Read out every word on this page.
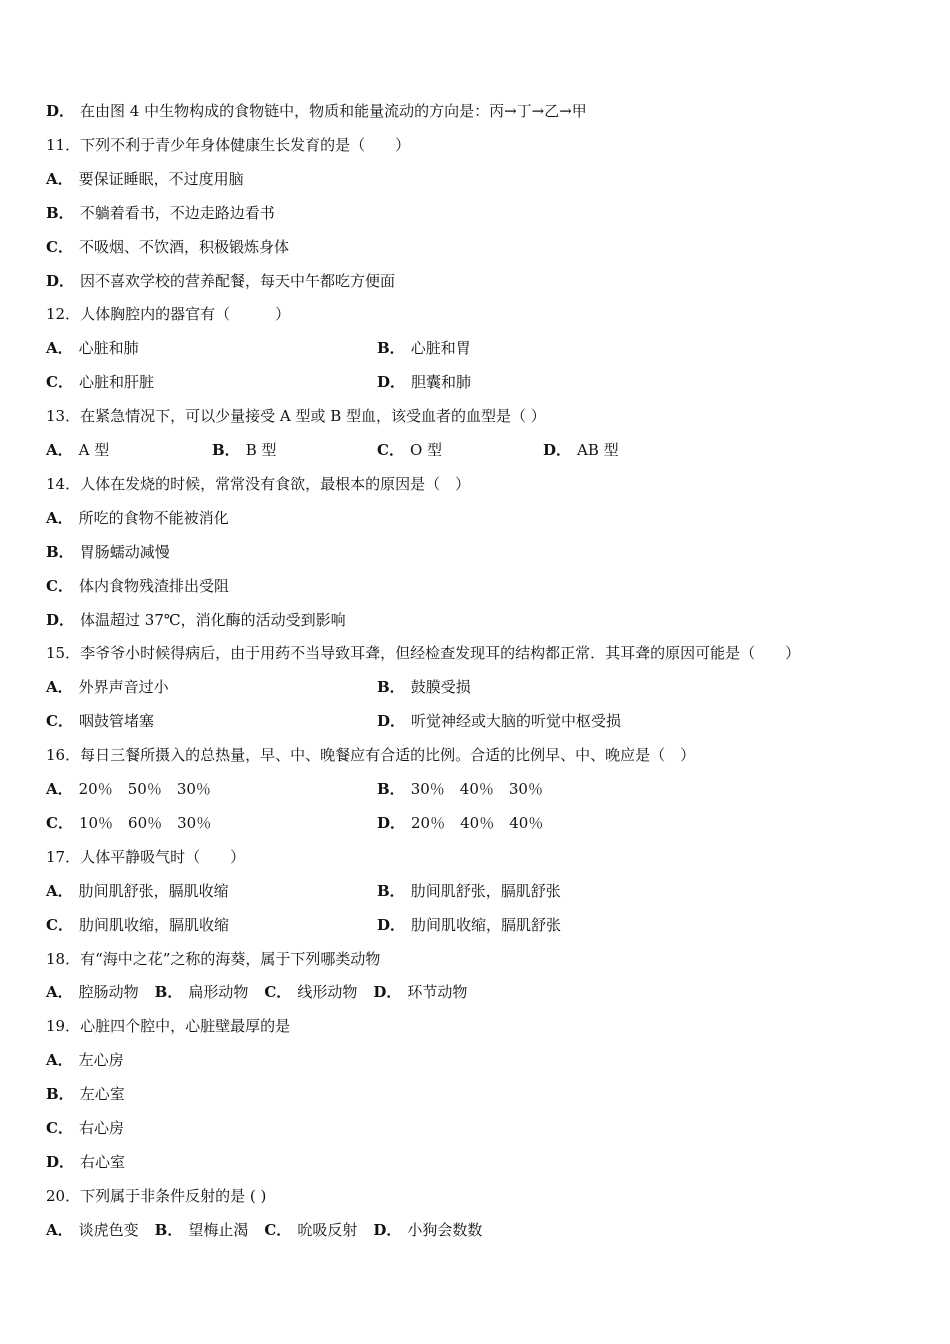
D． 在由图 4 中生物构成的食物链中，物质和能量流动的方向是：丙→丁→乙→甲
11．下列不利于青少年身体健康生长发育的是（　　）
A． 要保证睡眠，不过度用脑
B． 不躺着看书，不边走路边看书
C． 不吸烟、不饮酒，积极锻炼身体
D． 因不喜欢学校的营养配餐，每天中午都吃方便面
12．人体胸腔内的器官有（　　　）
A． 心脏和肺	B． 心脏和胃
C． 心脏和肝脏	D． 胆囊和肺
13．在紧急情况下，可以少量接受 A 型或 B 型血，该受血者的血型是（ ）
A． A 型	B． B 型	C． O 型	D． AB 型
14．人体在发烧的时候，常常没有食欲，最根本的原因是（　）
A． 所吃的食物不能被消化
B． 胃肠蠕动减慢
C． 体内食物残渣排出受阻
D． 体温超过 37℃，消化酶的活动受到影响
15．李爷爷小时候得病后，由于用药不当导致耳聋，但经检查发现耳的结构都正常．其耳聋的原因可能是（　　）
A． 外界声音过小	B． 鼓膜受损
C． 咽鼓管堵塞	D． 听觉神经或大脑的听觉中枢受损
16．每日三餐所摄入的总热量，早、中、晚餐应有合适的比例。合适的比例早、中、晚应是（　）
A． 20％　50％　30％	B． 30％　40％　30％
C． 10％　60％　30％	D． 20％　40％　40％
17．人体平静吸气时（　　）
A． 肋间肌舒张，膈肌收缩	B． 肋间肌舒张，膈肌舒张
C． 肋间肌收缩，膈肌收缩	D． 肋间肌收缩，膈肌舒张
18．有“海中之花”之称的海葵，属于下列哪类动物
A． 腔肠动物 B． 扁形动物 C． 线形动物 D． 环节动物
19．心脏四个腔中，心脏壁最厚的是
A． 左心房
B． 左心室
C． 右心房
D． 右心室
20．下列属于非条件反射的是 ( )
A． 谈虎色变 B． 望梅止渴 C． 吮吸反射 D． 小狗会数数
